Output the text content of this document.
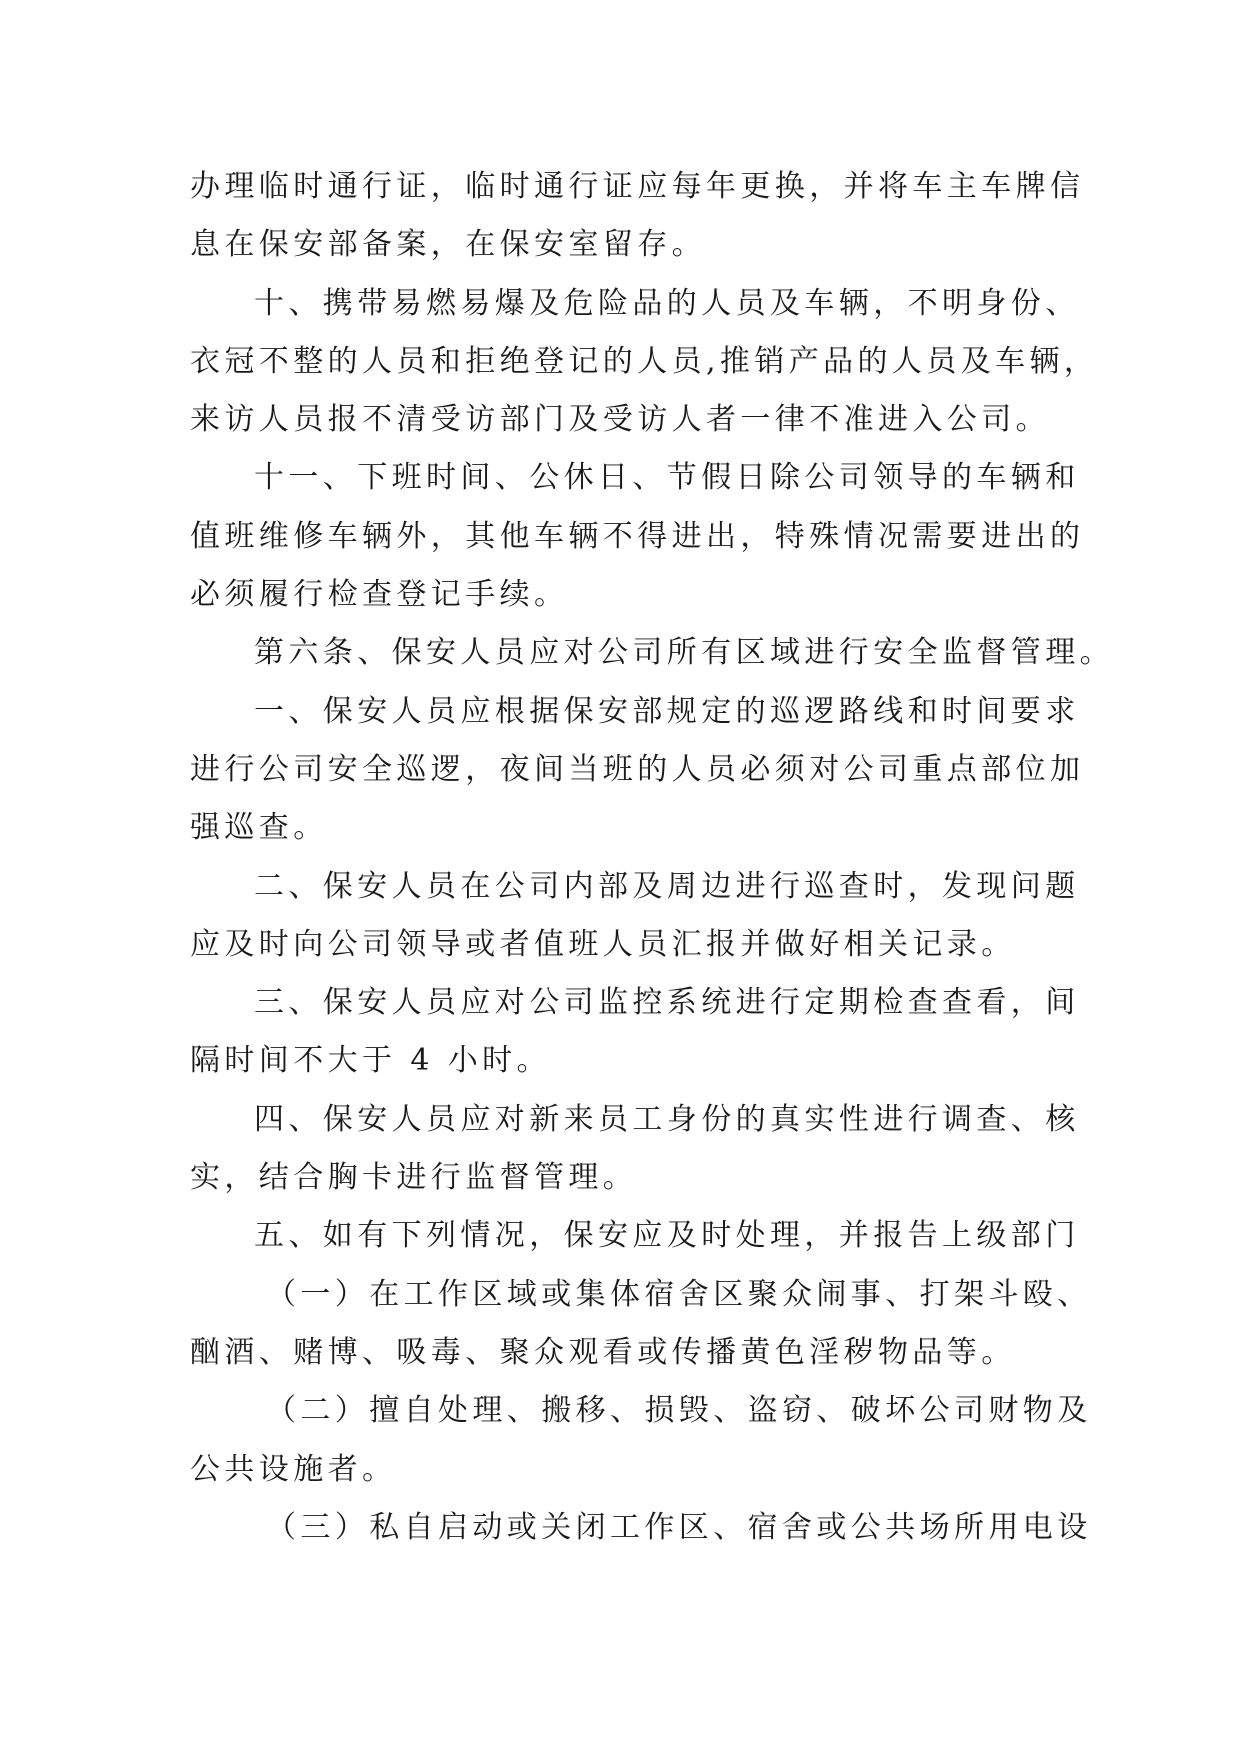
办理临时通行证，临时通行证应每年更换，并将车主车牌信
息在保安部备案，在保安室留存。
十、携带易燃易爆及危险品的人员及车辆，不明身份、
衣冠不整的人员和拒绝登记的人员,推销产品的人员及车辆，
来访人员报不清受访部门及受访人者一律不准进入公司。
十一、下班时间、公休日、节假日除公司领导的车辆和
值班维修车辆外，其他车辆不得进出，特殊情况需要进出的
必须履行检查登记手续。
第六条、保安人员应对公司所有区域进行安全监督管理。
一、保安人员应根据保安部规定的巡逻路线和时间要求
进行公司安全巡逻，夜间当班的人员必须对公司重点部位加
强巡查。
二、保安人员在公司内部及周边进行巡查时，发现问题
应及时向公司领导或者值班人员汇报并做好相关记录。
三、保安人员应对公司监控系统进行定期检查查看，间
隔时间不大于 4 小时。
四、保安人员应对新来员工身份的真实性进行调查、核
实，结合胸卡进行监督管理。
五、如有下列情况，保安应及时处理，并报告上级部门
（一）在工作区域或集体宿舍区聚众闹事、打架斗殴、
酗酒、赌博、吸毒、聚众观看或传播黄色淫秽物品等。
（二）擅自处理、搬移、损毁、盗窃、破坏公司财物及
公共设施者。
（三）私自启动或关闭工作区、宿舍或公共场所用电设
